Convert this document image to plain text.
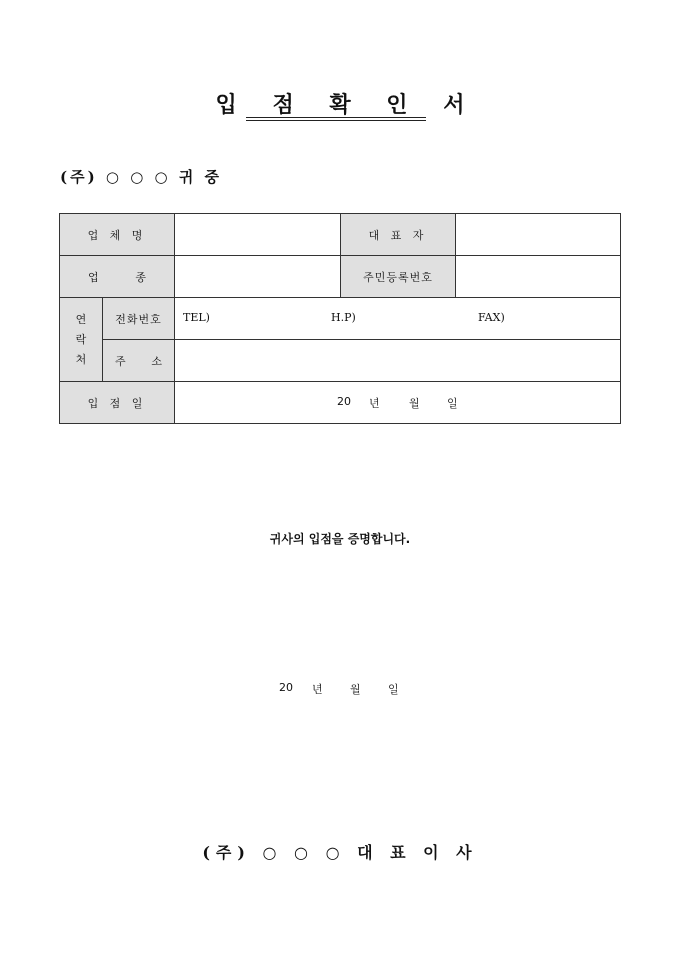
입 점 확 인 서
(주) ○ ○ ○ 귀 중
업 체 명			대 표 자	

업 종			주민등록번호	

연
락
처	전화번호	TEL) H.P) FAX)		

	주 소			

입 점 일		20 년 월 일		
귀사의 입점을 증명합니다.
20 년 월 일
(주) ○ ○ ○ 대 표 이 사
